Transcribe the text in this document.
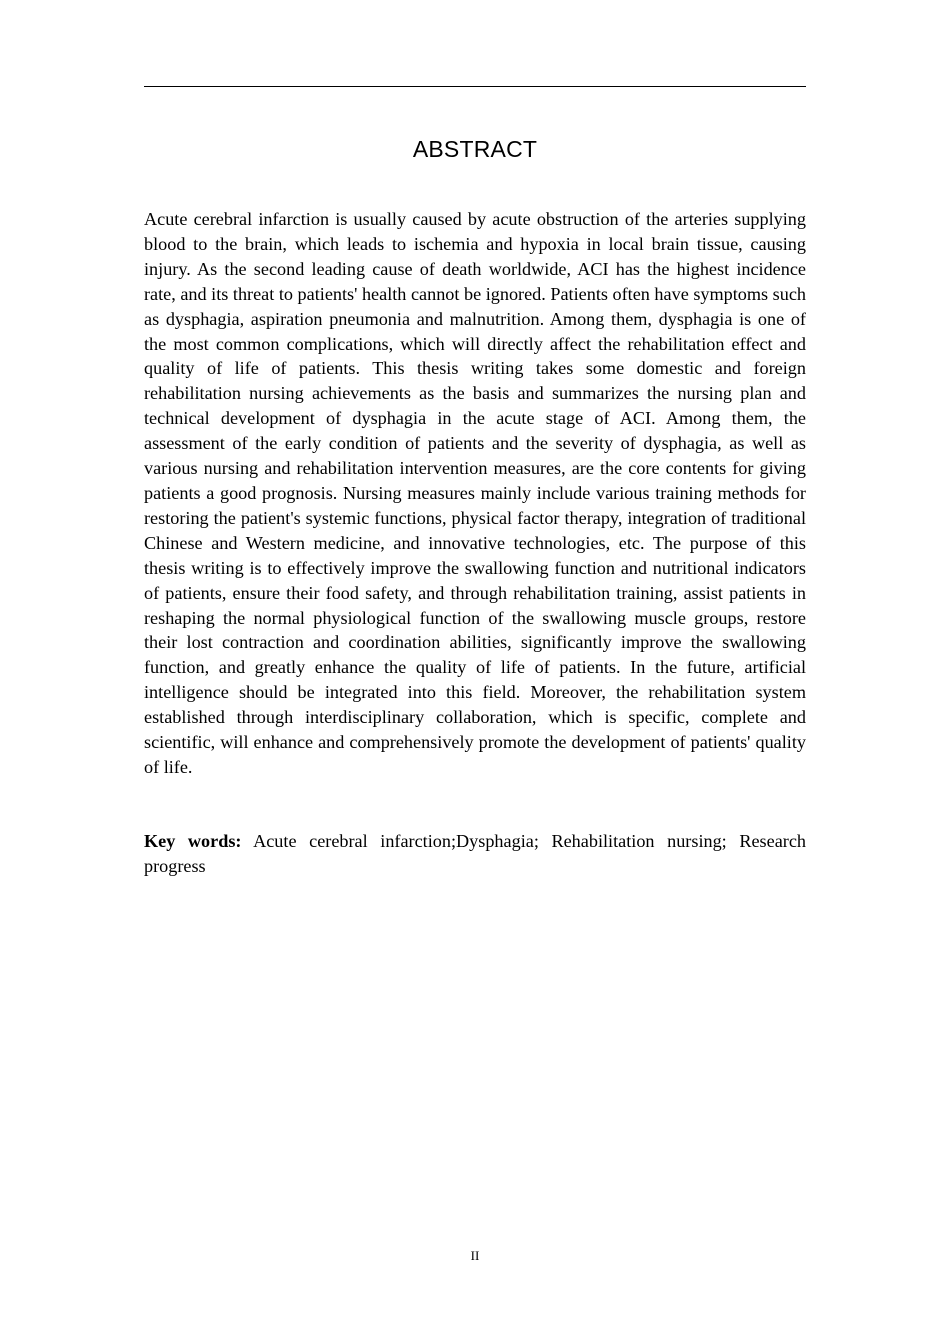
ABSTRACT

Acute cerebral infarction is usually caused by acute obstruction of the arteries supplying blood to the brain, which leads to ischemia and hypoxia in local brain tissue, causing injury. As the second leading cause of death worldwide, ACI has the highest incidence rate, and its threat to patients' health cannot be ignored. Patients often have symptoms such as dysphagia, aspiration pneumonia and malnutrition. Among them, dysphagia is one of the most common complications, which will directly affect the rehabilitation effect and quality of life of patients. This thesis writing takes some domestic and foreign rehabilitation nursing achievements as the basis and summarizes the nursing plan and technical development of dysphagia in the acute stage of ACI. Among them, the assessment of the early condition of patients and the severity of dysphagia, as well as various nursing and rehabilitation intervention measures, are the core contents for giving patients a good prognosis. Nursing measures mainly include various training methods for restoring the patient's systemic functions, physical factor therapy, integration of traditional Chinese and Western medicine, and innovative technologies, etc. The purpose of this thesis writing is to effectively improve the swallowing function and nutritional indicators of patients, ensure their food safety, and through rehabilitation training, assist patients in reshaping the normal physiological function of the swallowing muscle groups, restore their lost contraction and coordination abilities, significantly improve the swallowing function, and greatly enhance the quality of life of patients. In the future, artificial intelligence should be integrated into this field. Moreover, the rehabilitation system established through interdisciplinary collaboration, which is specific, complete and scientific, will enhance and comprehensively promote the development of patients' quality of life.

Key words: Acute cerebral infarction;Dysphagia; Rehabilitation nursing; Research progress

II
